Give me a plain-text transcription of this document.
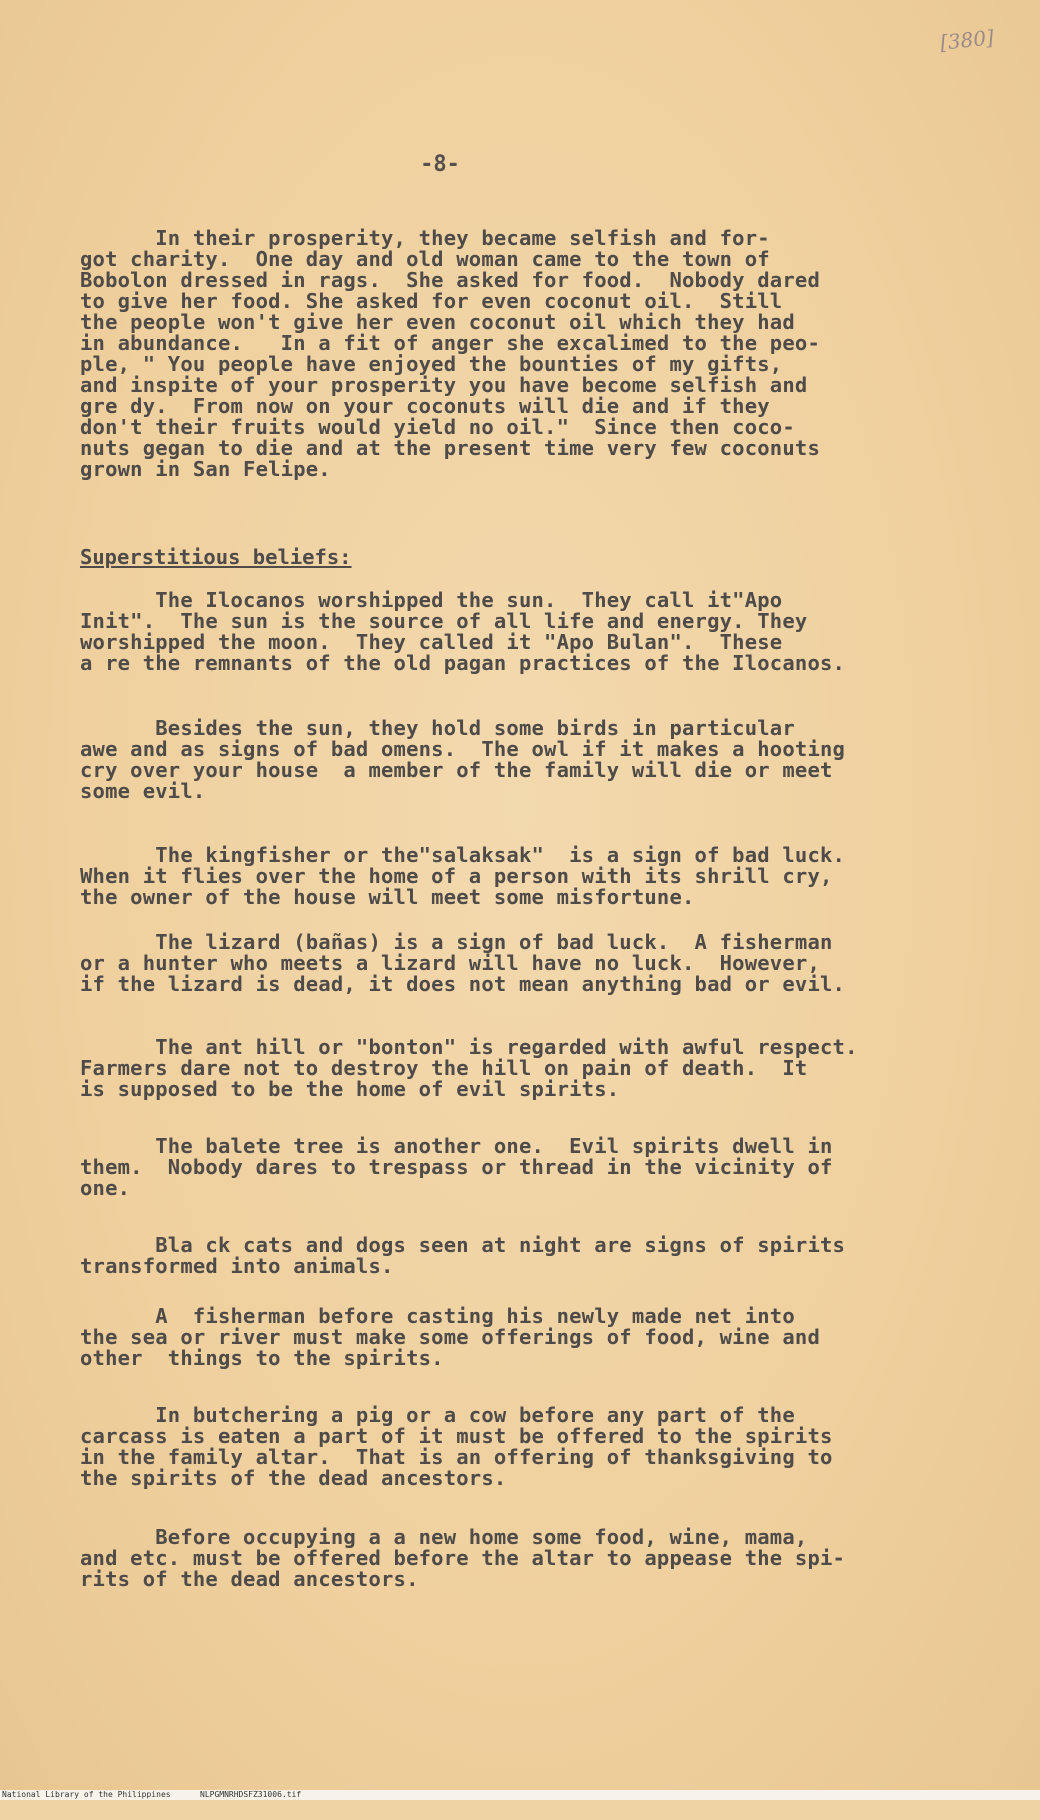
[380]
-8-
In their prosperity, they became selfish and for-
got charity.  One day and old woman came to the town of
Bobolon dressed in rags.  She asked for food.  Nobody dared
to give her food. She asked for even coconut oil.  Still
the people won't give her even coconut oil which they had
in abundance.   In a fit of anger she excalimed to the peo-
ple, " You people have enjoyed the bounties of my gifts,
and inspite of your prosperity you have become selfish and
gre dy.  From now on your coconuts will die and if they
don't their fruits would yield no oil."  Since then coco-
nuts gegan to die and at the present time very few coconuts
grown in San Felipe.
Superstitious beliefs:
The Ilocanos worshipped the sun.  They call it"Apo
Init".  The sun is the source of all life and energy. They
worshipped the moon.  They called it "Apo Bulan".  These
a re the remnants of the old pagan practices of the Ilocanos.
Besides the sun, they hold some birds in particular
awe and as signs of bad omens.  The owl if it makes a hooting
cry over your house  a member of the family will die or meet
some evil.
The kingfisher or the"salaksak"  is a sign of bad luck.
When it flies over the home of a person with its shrill cry,
the owner of the house will meet some misfortune.
The lizard (bañas) is a sign of bad luck.  A fisherman
or a hunter who meets a lizard will have no luck.  However,
if the lizard is dead, it does not mean anything bad or evil.
The ant hill or "bonton" is regarded with awful respect.
Farmers dare not to destroy the hill on pain of death.  It
is supposed to be the home of evil spirits.
The balete tree is another one.  Evil spirits dwell in
them.  Nobody dares to trespass or thread in the vicinity of
one.
Bla ck cats and dogs seen at night are signs of spirits
transformed into animals.
A  fisherman before casting his newly made net into
the sea or river must make some offerings of food, wine and
other  things to the spirits.
In butchering a pig or a cow before any part of the
carcass is eaten a part of it must be offered to the spirits
in the family altar.  That is an offering of thanksgiving to
the spirits of the dead ancestors.
Before occupying a a new home some food, wine, mama,
and etc. must be offered before the altar to appease the spi-
rits of the dead ancestors.

National Library of the Philippines

	NLPGMNRHDSFZ31006.tif
